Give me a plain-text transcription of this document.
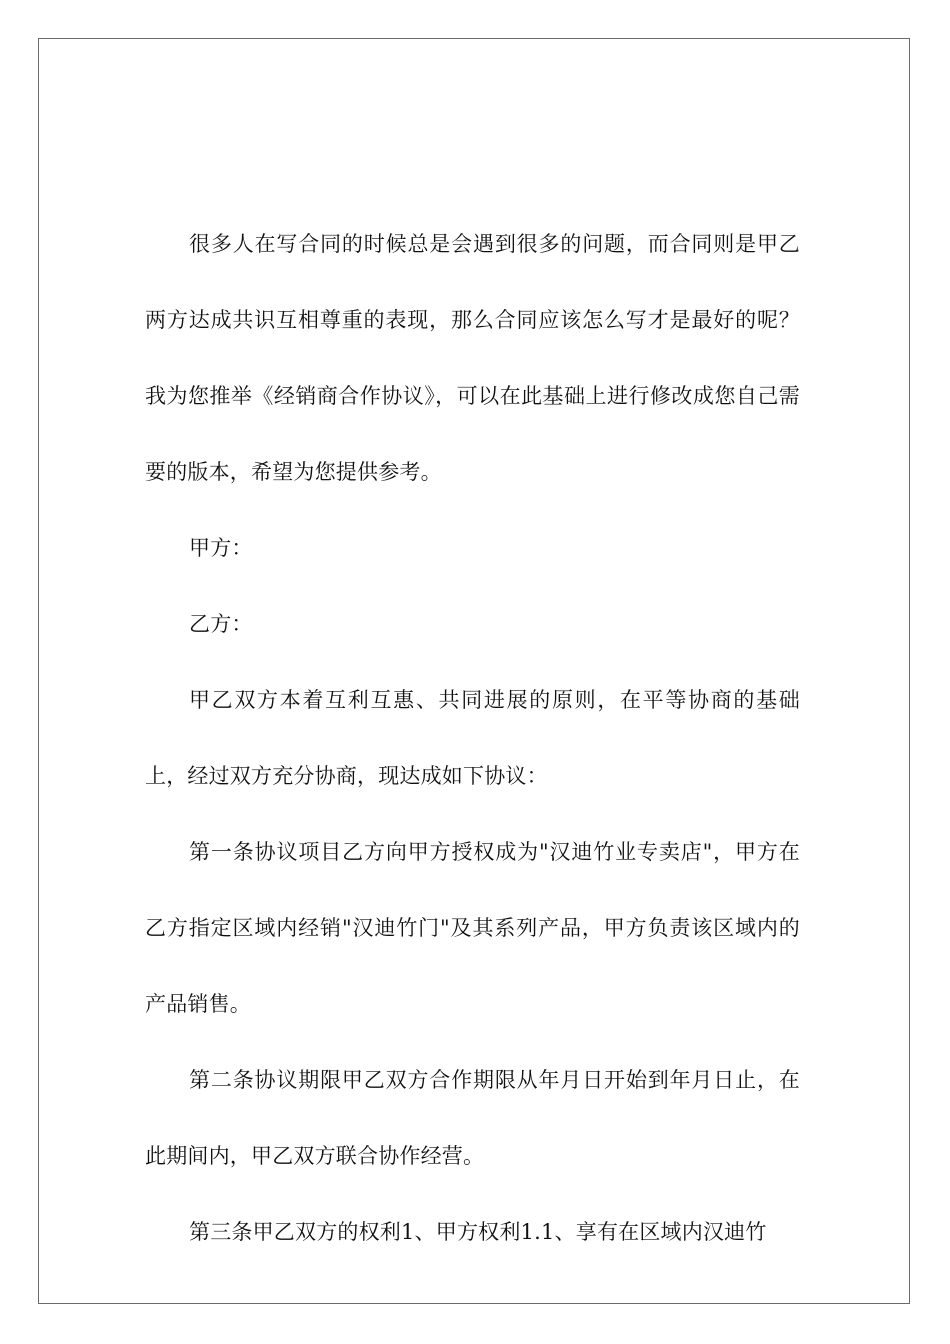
很多人在写合同的时候总是会遇到很多的问题，而合同则是甲乙两方达成共识互相尊重的表现，那么合同应该怎么写才是最好的呢？我为您推举《经销商合作协议》，可以在此基础上进行修改成您自己需要的版本，希望为您提供参考。

甲方：

乙方：

甲乙双方本着互利互惠、共同进展的原则，在平等协商的基础上，经过双方充分协商，现达成如下协议：

第一条协议项目乙方向甲方授权成为"汉迪竹业专卖店"，甲方在乙方指定区域内经销"汉迪竹门"及其系列产品，甲方负责该区域内的产品销售。

第二条协议期限甲乙双方合作期限从年月日开始到年月日止，在此期间内，甲乙双方联合协作经营。

第三条甲乙双方的权利1、甲方权利1.1、享有在区域内汉迪竹
